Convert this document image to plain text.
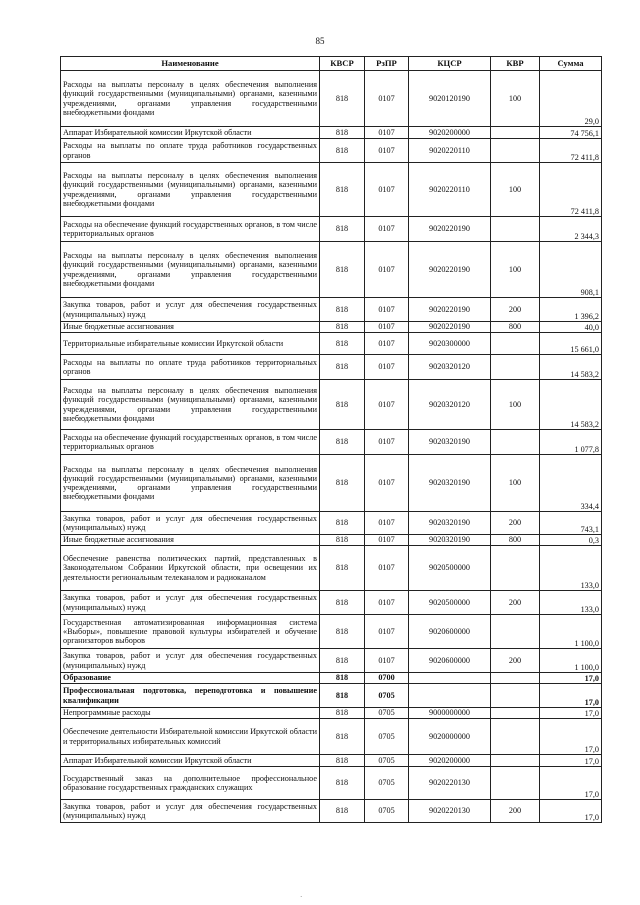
85
Наименование	КВСР	РзПР	КЦСР	КВР	Сумма
Расходы на выплаты персоналу в целях обеспечения выполнения функций государственными (муниципальными) органами, казенными учреждениями, органами управления государственными внебюджетными фондами	818	0107	9020120190	100	29,0
Аппарат Избирательной комиссии Иркутской области	818	0107	9020200000		74 756,1
Расходы на выплаты по оплате труда работников государственных органов	818	0107	9020220110		72 411,8
Расходы на выплаты персоналу в целях обеспечения выполнения функций государственными (муниципальными) органами, казенными учреждениями, органами управления государственными внебюджетными фондами	818	0107	9020220110	100	72 411,8
Расходы на обеспечение функций государственных органов, в том числе территориальных органов	818	0107	9020220190		2 344,3
Расходы на выплаты персоналу в целях обеспечения выполнения функций государственными (муниципальными) органами, казенными учреждениями, органами управления государственными внебюджетными фондами	818	0107	9020220190	100	908,1
Закупка товаров, работ и услуг для обеспечения государственных (муниципальных) нужд	818	0107	9020220190	200	1 396,2
Иные бюджетные ассигнования	818	0107	9020220190	800	40,0
Территориальные избирательные комиссии Иркутской области	818	0107	9020300000		15 661,0
Расходы на выплаты по оплате труда работников территориальных органов	818	0107	9020320120		14 583,2
Расходы на выплаты персоналу в целях обеспечения выполнения функций государственными (муниципальными) органами, казенными учреждениями, органами управления государственными внебюджетными фондами	818	0107	9020320120	100	14 583,2
Расходы на обеспечение функций государственных органов, в том числе территориальных органов	818	0107	9020320190		1 077,8
Расходы на выплаты персоналу в целях обеспечения выполнения функций государственными (муниципальными) органами, казенными учреждениями, органами управления государственными внебюджетными фондами	818	0107	9020320190	100	334,4
Закупка товаров, работ и услуг для обеспечения государственных (муниципальных) нужд	818	0107	9020320190	200	743,1
Иные бюджетные ассигнования	818	0107	9020320190	800	0,3
Обеспечение равенства политических партий, представленных в Законодательном Собрании Иркутской области, при освещении их деятельности региональным телеканалом и радиоканалом	818	0107	9020500000		133,0
Закупка товаров, работ и услуг для обеспечения государственных (муниципальных) нужд	818	0107	9020500000	200	133,0
Государственная автоматизированная информационная система «Выборы», повышение правовой культуры избирателей и обучение организаторов выборов	818	0107	9020600000		1 100,0
Закупка товаров, работ и услуг для обеспечения государственных (муниципальных) нужд	818	0107	9020600000	200	1 100,0
Образование	818	0700			17,0
Профессиональная подготовка, переподготовка и повышение квалификации	818	0705			17,0
Непрограммные расходы	818	0705	9000000000		17,0
Обеспечение деятельности Избирательной комиссии Иркутской области и территориальных избирательных комиссий	818	0705	9020000000		17,0
Аппарат Избирательной комиссии Иркутской области	818	0705	9020200000		17,0
Государственный заказ на дополнительное профессиональное образование государственных гражданских служащих	818	0705	9020220130		17,0
Закупка товаров, работ и услуг для обеспечения государственных (муниципальных) нужд	818	0705	9020220130	200	17,0
·
